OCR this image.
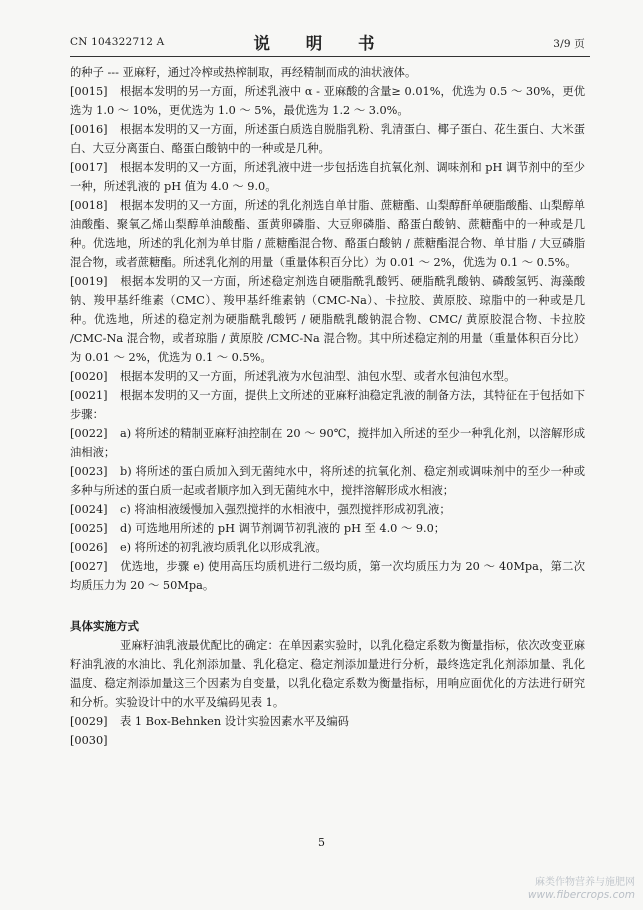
CN 104322712 A	说 明 书	3/9 页

的种子 --- 亚麻籽，通过冷榨或热榨制取，再经精制而成的油状液体。

[0015] 根据本发明的另一方面，所述乳液中 α - 亚麻酸的含量≥ 0.01%，优选为 0.5 ～ 30%，更优选为 1.0 ～ 10%，更优选为 1.0 ～ 5%，最优选为 1.2 ～ 3.0%。

[0016] 根据本发明的又一方面，所述蛋白质选自脱脂乳粉、乳清蛋白、椰子蛋白、花生蛋白、大米蛋白、大豆分离蛋白、酪蛋白酸钠中的一种或是几种。

[0017] 根据本发明的又一方面，所述乳液中进一步包括选自抗氧化剂、调味剂和 pH 调节剂中的至少一种，所述乳液的 pH 值为 4.0 ～ 9.0。

[0018] 根据本发明的又一方面，所述的乳化剂选自单甘脂、蔗糖酯、山梨醇酐单硬脂酸酯、山梨醇单油酸酯、聚氧乙烯山梨醇单油酸酯、蛋黄卵磷脂、大豆卵磷脂、酪蛋白酸钠、蔗糖酯中的一种或是几种。优选地，所述的乳化剂为单甘脂 / 蔗糖酯混合物、酪蛋白酸钠 / 蔗糖酯混合物、单甘脂 / 大豆磷脂混合物，或者蔗糖酯。所述乳化剂的用量（重量体积百分比）为 0.01 ～ 2%，优选为 0.1 ～ 0.5%。

[0019] 根据本发明的又一方面，所述稳定剂选自硬脂酰乳酸钙、硬脂酰乳酸钠、磷酸氢钙、海藻酸钠、羧甲基纤维素（CMC）、羧甲基纤维素钠（CMC-Na）、卡拉胶、黄原胶、琼脂中的一种或是几种。优选地，所述的稳定剂为硬脂酰乳酸钙 / 硬脂酰乳酸钠混合物、CMC/ 黄原胶混合物、卡拉胶 /CMC-Na 混合物，或者琼脂 / 黄原胶 /CMC-Na 混合物。其中所述稳定剂的用量（重量体积百分比）为 0.01 ～ 2%，优选为 0.1 ～ 0.5%。

[0020] 根据本发明的又一方面，所述乳液为水包油型、油包水型、或者水包油包水型。

[0021] 根据本发明的又一方面，提供上文所述的亚麻籽油稳定乳液的制备方法，其特征在于包括如下步骤：

[0022] a) 将所述的精制亚麻籽油控制在 20 ～ 90℃，搅拌加入所述的至少一种乳化剂，以溶解形成油相液；

[0023] b) 将所述的蛋白质加入到无菌纯水中，将所述的抗氧化剂、稳定剂或调味剂中的至少一种或多种与所述的蛋白质一起或者顺序加入到无菌纯水中，搅拌溶解形成水相液；

[0024] c) 将油相液缓慢加入强烈搅拌的水相液中，强烈搅拌形成初乳液；

[0025] d) 可选地用所述的 pH 调节剂调节初乳液的 pH 至 4.0 ～ 9.0；

[0026] e) 将所述的初乳液均质乳化以形成乳液。

[0027] 优选地，步骤 e) 使用高压均质机进行二级均质，第一次均质压力为 20 ～ 40Mpa，第二次均质压力为 20 ～ 50Mpa。

具体实施方式

亚麻籽油乳液最优配比的确定：在单因素实验时，以乳化稳定系数为衡量指标，依次改变亚麻籽油乳液的水油比、乳化剂添加量、乳化稳定、稳定剂添加量进行分析，最终选定乳化剂添加量、乳化温度、稳定剂添加量这三个因素为自变量，以乳化稳定系数为衡量指标，用响应面优化的方法进行研究和分析。实验设计中的水平及编码见表 1。

[0029] 表 1 Box-Behnken 设计实验因素水平及编码

[0030]

5
麻类作物营养与施肥网
www.fibercrops.com
